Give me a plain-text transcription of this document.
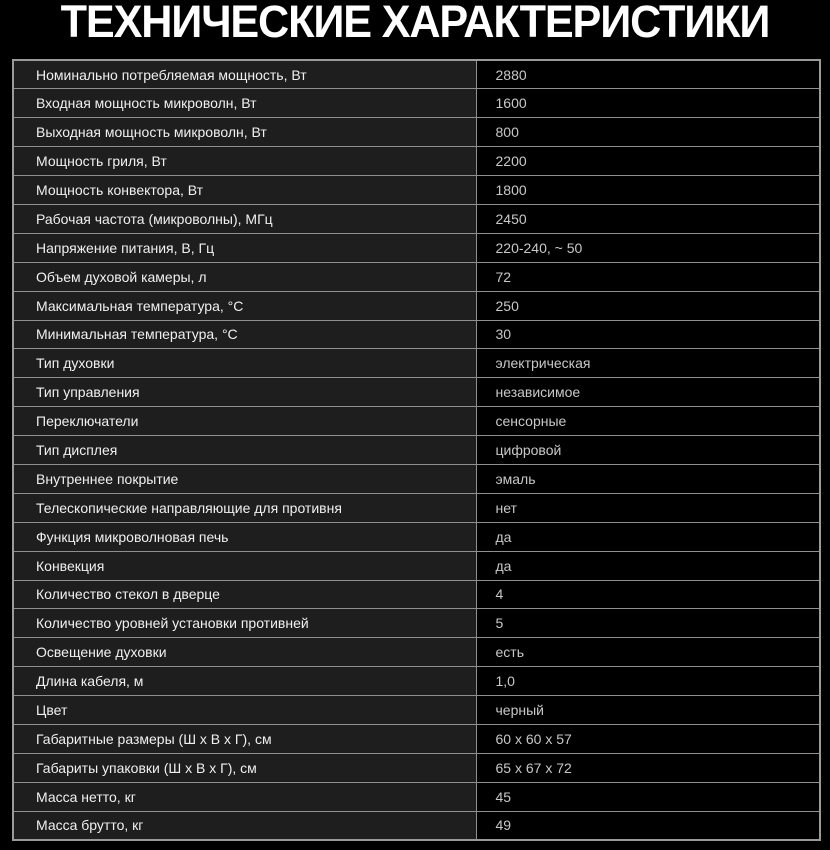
ТЕХНИЧЕСКИЕ ХАРАКТЕРИСТИКИ
Номинально потребляемая мощность, Вт	2880
Входная мощность микроволн, Вт	1600
Выходная мощность микроволн, Вт	800
Мощность гриля, Вт	2200
Мощность конвектора, Вт	1800
Рабочая частота (микроволны), МГц	2450
Напряжение питания, В, Гц	220-240, ~ 50
Объем духовой камеры, л	72
Максимальная температура, °С	250
Минимальная температура, °С	30
Тип духовки	электрическая
Тип управления	независимое
Переключатели	сенсорные
Тип дисплея	цифровой
Внутреннее покрытие	эмаль
Телескопические направляющие для противня	нет
Функция микроволновая печь	да
Конвекция	да
Количество стекол в дверце	4
Количество уровней установки противней	5
Освещение духовки	есть
Длина кабеля, м	1,0
Цвет	черный
Габаритные размеры (Ш х В х Г), см	60 х 60 х 57
Габариты упаковки (Ш х В х Г), см	65 х 67 х 72
Масса нетто, кг	45
Масса брутто, кг	49
